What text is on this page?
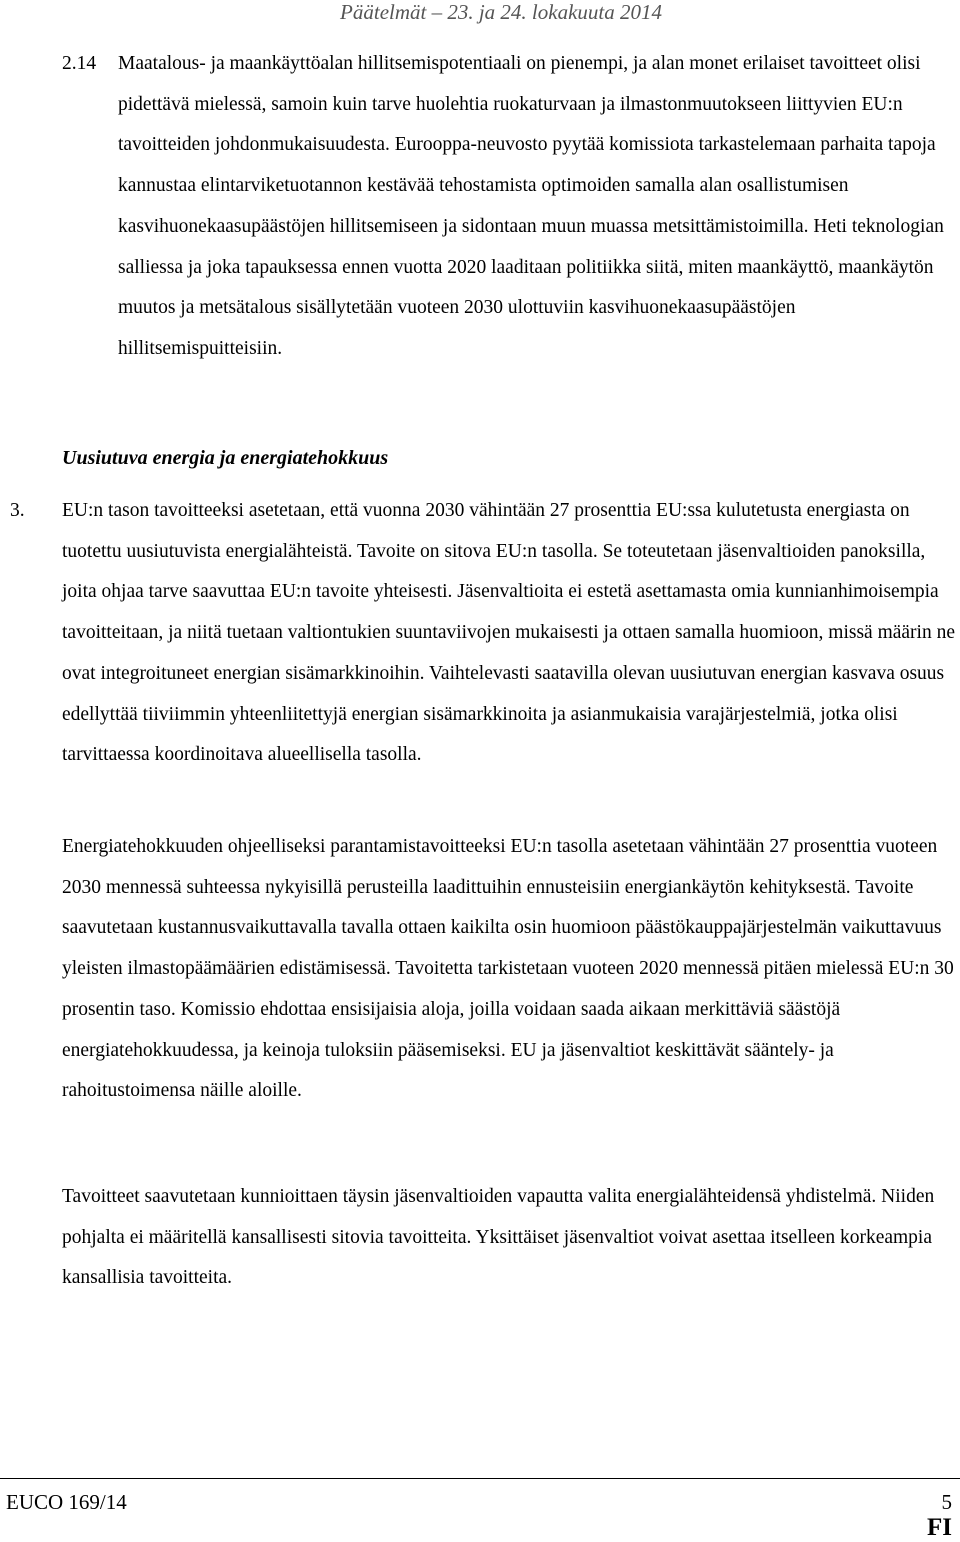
Päätelmät – 23. ja 24. lokakuuta 2014
2.14 Maatalous- ja maankäyttöalan hillitsemispotentiaali on pienempi, ja alan monet erilaiset tavoitteet olisi pidettävä mielessä, samoin kuin tarve huolehtia ruokaturvaan ja ilmastonmuutokseen liittyvien EU:n tavoitteiden johdonmukaisuudesta. Eurooppa-neuvosto pyytää komissiota tarkastelemaan parhaita tapoja kannustaa elintarviketuotannon kestävää tehostamista optimoiden samalla alan osallistumisen kasvihuonekaasupäästöjen hillitsemiseen ja sidontaan muun muassa metsittämistoimilla. Heti teknologian salliessa ja joka tapauksessa ennen vuotta 2020 laaditaan politiikka siitä, miten maankäyttö, maankäytön muutos ja metsätalous sisällytetään vuoteen 2030 ulottuviin kasvihuonekaasupäästöjen hillitsemispuitteisiin.

Uusiutuva energia ja energiatehokkuus
3. EU:n tason tavoitteeksi asetetaan, että vuonna 2030 vähintään 27 prosenttia EU:ssa kulutetusta energiasta on tuotettu uusiutuvista energialähteistä. Tavoite on sitova EU:n tasolla. Se toteutetaan jäsenvaltioiden panoksilla, joita ohjaa tarve saavuttaa EU:n tavoite yhteisesti. Jäsenvaltioita ei estetä asettamasta omia kunnianhimoisempia tavoitteitaan, ja niitä tuetaan valtiontukien suuntaviivojen mukaisesti ja ottaen samalla huomioon, missä määrin ne ovat integroituneet energian sisämarkkinoihin. Vaihtelevasti saatavilla olevan uusiutuvan energian kasvava osuus edellyttää tiiviimmin yhteenliitettyjä energian sisämarkkinoita ja asianmukaisia varajärjestelmiä, jotka olisi tarvittaessa koordinoitava alueellisella tasolla.

Energiatehokkuuden ohjeelliseksi parantamistavoitteeksi EU:n tasolla asetetaan vähintään 27 prosenttia vuoteen 2030 mennessä suhteessa nykyisillä perusteilla laadittuihin ennusteisiin energiankäytön kehityksestä. Tavoite saavutetaan kustannusvaikuttavalla tavalla ottaen kaikilta osin huomioon päästökauppajärjestelmän vaikuttavuus yleisten ilmastopäämäärien edistämisessä. Tavoitetta tarkistetaan vuoteen 2020 mennessä pitäen mielessä EU:n 30 prosentin taso. Komissio ehdottaa ensisijaisia aloja, joilla voidaan saada aikaan merkittäviä säästöjä energiatehokkuudessa, ja keinoja tuloksiin pääsemiseksi. EU ja jäsenvaltiot keskittävät sääntely- ja rahoitustoimensa näille aloille.

Tavoitteet saavutetaan kunnioittaen täysin jäsenvaltioiden vapautta valita energialähteidensä yhdistelmä. Niiden pohjalta ei määritellä kansallisesti sitovia tavoitteita. Yksittäiset jäsenvaltiot voivat asettaa itselleen korkeampia kansallisia tavoitteita.

EUCO 169/14	5
FI
